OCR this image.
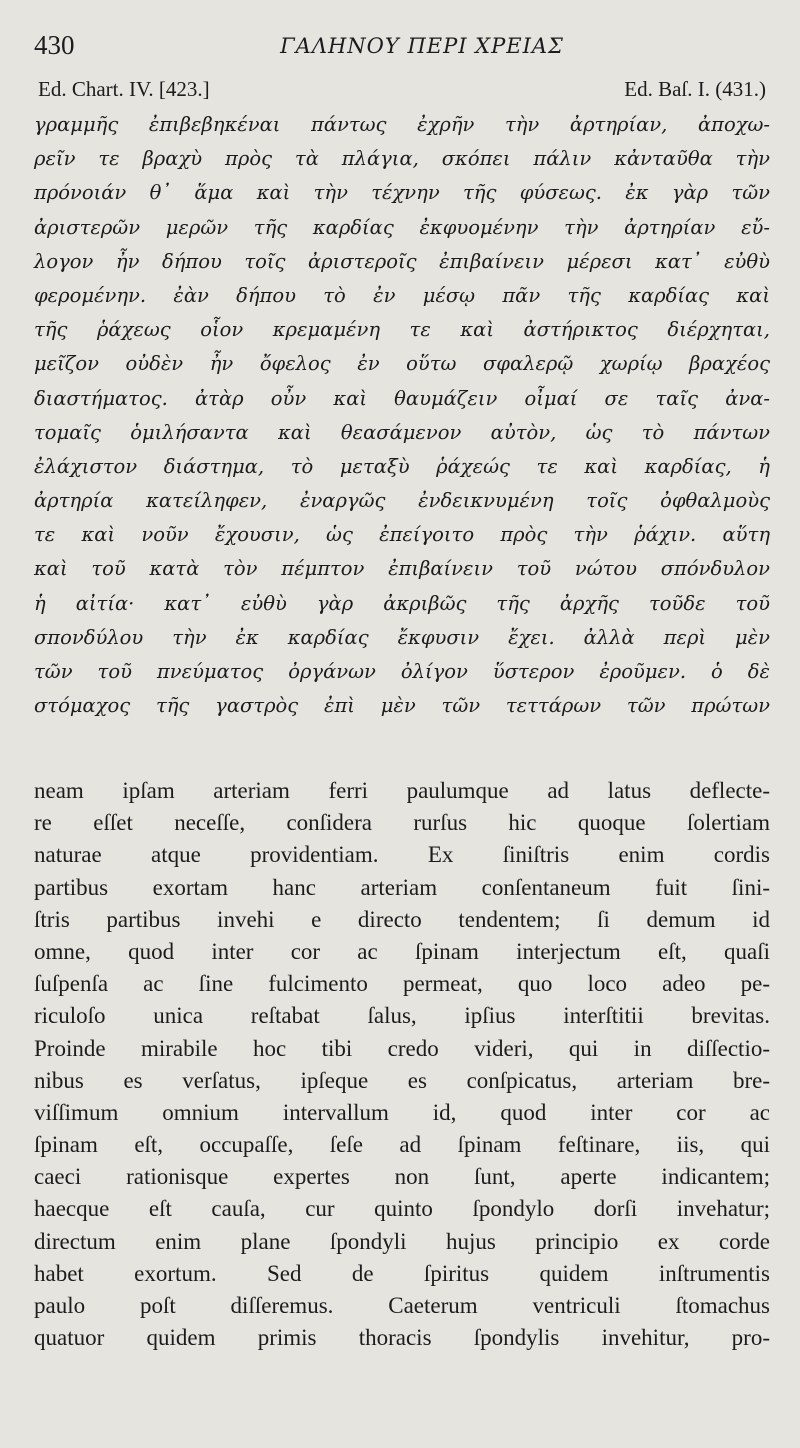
430	ΓΑΛΗΝΟΥ ΠΕΡΙ ΧΡΕΙΑΣ
Ed. Chart. IV. [423.]	Ed. Baſ. I. (431.)
γραμμῆς ἐπιβεβηκέναι πάντως ἐχρῆν τὴν ἀρτηρίαν, ἀποχω-
ρεῖν τε βραχὺ πρὸς τὰ πλάγια, σκόπει πάλιν κἀνταῦθα τὴν
πρόνοιάν θ᾽ ἅμα καὶ τὴν τέχνην τῆς φύσεως. ἐκ γὰρ τῶν
ἀριστερῶν μερῶν τῆς καρδίας ἐκφυομένην τὴν ἀρτηρίαν εὔ-
λογον ἦν δήπου τοῖς ἀριστεροῖς ἐπιβαίνειν μέρεσι κατ᾽ εὐθὺ
φερομένην. ἐὰν δήπου τὸ ἐν μέσῳ πᾶν τῆς καρδίας καὶ
τῆς ῥάχεως οἷον κρεμαμένη τε καὶ ἀστήρικτος διέρχηται,
μεῖζον οὐδὲν ἦν ὄφελος ἐν οὕτω σφαλερῷ χωρίῳ βραχέος
διαστήματος. ἀτὰρ οὖν καὶ θαυμάζειν οἶμαί σε ταῖς ἀνα-
τομαῖς ὁμιλήσαντα καὶ θεασάμενον αὐτὸν, ὡς τὸ πάντων
ἐλάχιστον διάστημα, τὸ μεταξὺ ῥάχεώς τε καὶ καρδίας, ἡ
ἀρτηρία κατείληφεν, ἐναργῶς ἐνδεικνυμένη τοῖς ὀφθαλμοὺς
τε καὶ νοῦν ἔχουσιν, ὡς ἐπείγοιτο πρὸς τὴν ῥάχιν. αὕτη
καὶ τοῦ κατὰ τὸν πέμπτον ἐπιβαίνειν τοῦ νώτου σπόνδυλον
ἡ αἰτία· κατ᾽ εὐθὺ γὰρ ἀκριβῶς τῆς ἀρχῆς τοῦδε τοῦ
σπονδύλου τὴν ἐκ καρδίας ἔκφυσιν ἔχει. ἀλλὰ περὶ μὲν
τῶν τοῦ πνεύματος ὀργάνων ὀλίγον ὕστερον ἐροῦμεν. ὁ δὲ
στόμαχος τῆς γαστρὸς ἐπὶ μὲν τῶν τεττάρων τῶν πρώτων
neam ipſam arteriam ferri paulumque ad latus deflecte-
re eſſet neceſſe, conſidera rurſus hic quoque ſolertiam
naturae atque providentiam. Ex ſiniſtris enim cordis
partibus exortam hanc arteriam conſentaneum fuit ſini-
ſtris partibus invehi e directo tendentem; ſi demum id
omne, quod inter cor ac ſpinam interjectum eſt, quaſi
ſuſpenſa ac ſine fulcimento permeat, quo loco adeo pe-
riculoſo unica reſtabat ſalus, ipſius interſtitii brevitas.
Proinde mirabile hoc tibi credo videri, qui in diſſectio-
nibus es verſatus, ipſeque es conſpicatus, arteriam bre-
viſſimum omnium intervallum id, quod inter cor ac
ſpinam eſt, occupaſſe, ſeſe ad ſpinam feſtinare, iis, qui
caeci rationisque expertes non ſunt, aperte indicantem;
haecque eſt cauſa, cur quinto ſpondylo dorſi invehatur;
directum enim plane ſpondyli hujus principio ex corde
habet exortum. Sed de ſpiritus quidem inſtrumentis
paulo poſt diſſeremus. Caeterum ventriculi ſtomachus
quatuor quidem primis thoracis ſpondylis invehitur, pro-
